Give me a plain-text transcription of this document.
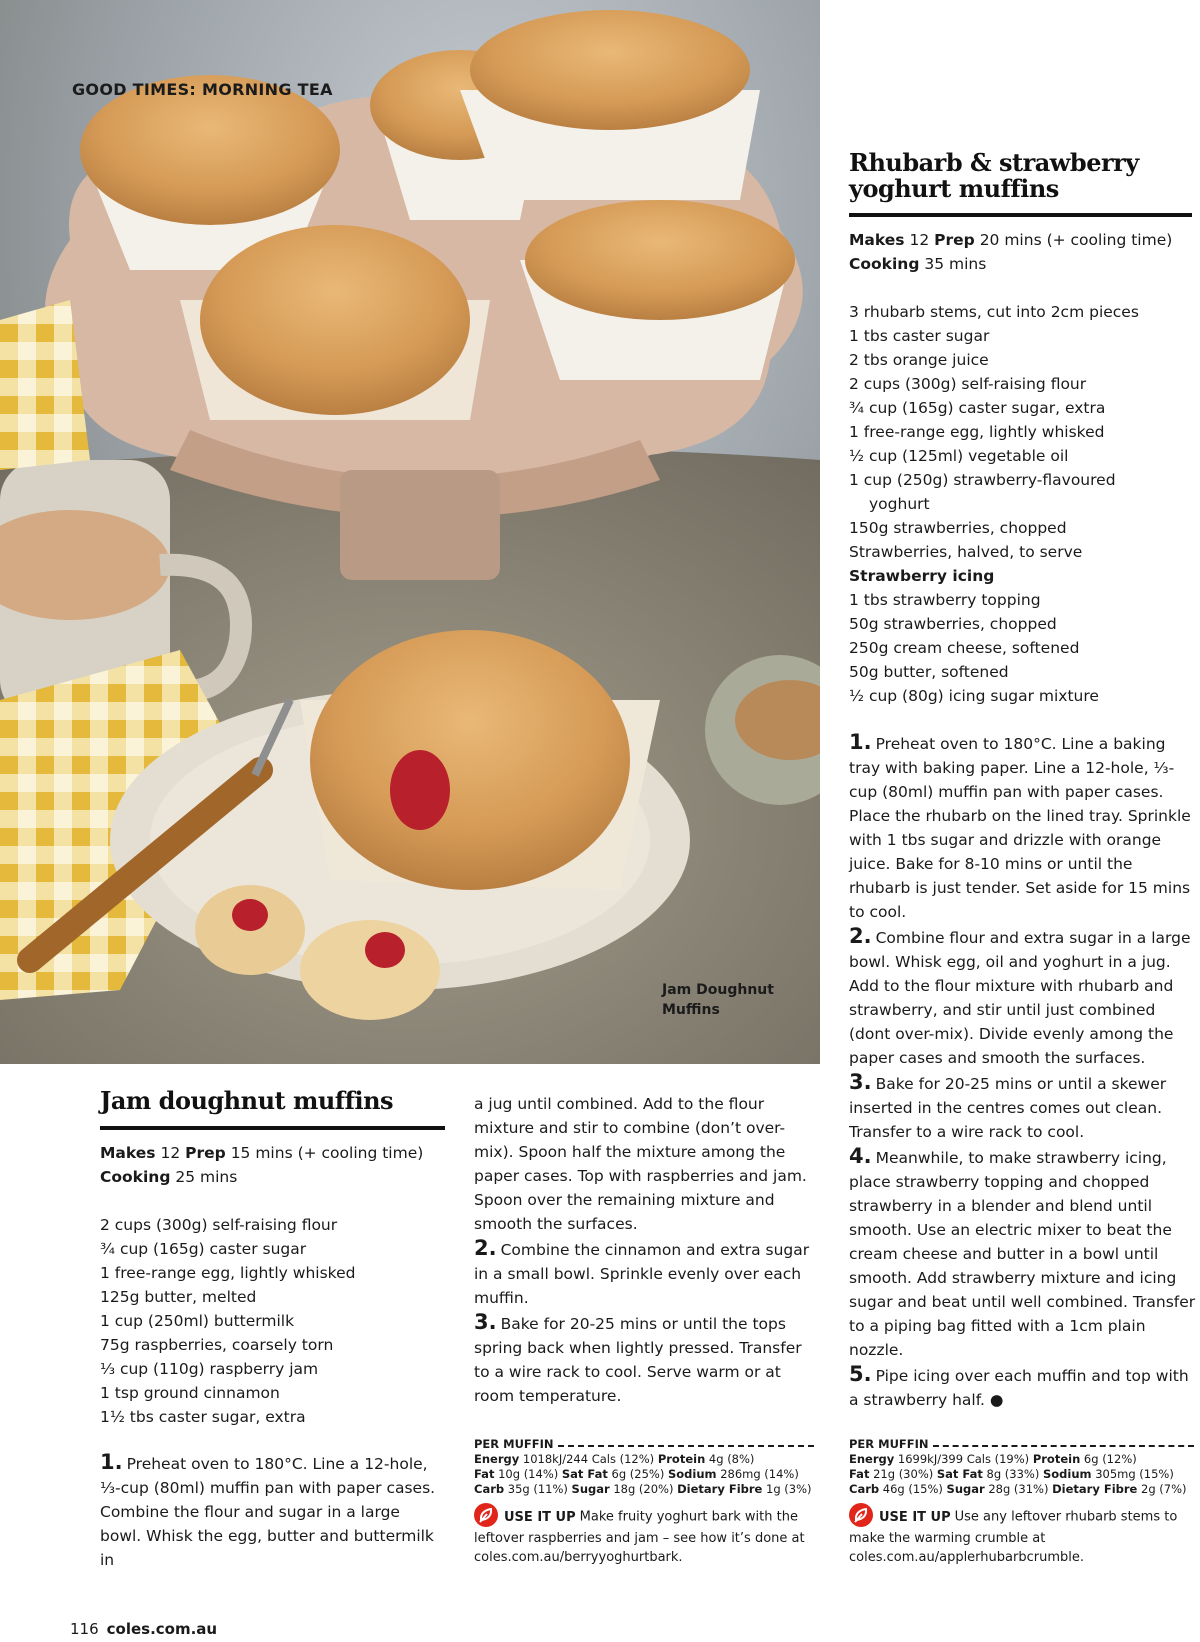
GOOD TIMES: MORNING TEA
Jam Doughnut
Muffins
Rhubarb & strawberry
yoghurt muffins
Makes 12 Prep 20 mins (+ cooling time)
Cooking 35 mins
3 rhubarb stems, cut into 2cm pieces
1 tbs caster sugar
2 tbs orange juice
2 cups (300g) self-raising flour
¾ cup (165g) caster sugar, extra
1 free-range egg, lightly whisked
½ cup (125ml) vegetable oil
1 cup (250g) strawberry-flavoured
yoghurt
150g strawberries, chopped
Strawberries, halved, to serve
Strawberry icing
1 tbs strawberry topping
50g strawberries, chopped
250g cream cheese, softened
50g butter, softened
½ cup (80g) icing sugar mixture
1. Preheat oven to 180°C. Line a baking tray with baking paper. Line a 12-hole, ⅓-cup (80ml) muffin pan with paper cases. Place the rhubarb on the lined tray. Sprinkle with 1 tbs sugar and drizzle with orange juice. Bake for 8-10 mins or until the rhubarb is just tender. Set aside for 15 mins to cool.
2. Combine flour and extra sugar in a large bowl. Whisk egg, oil and yoghurt in a jug. Add to the flour mixture with rhubarb and strawberry, and stir until just combined (dont over-mix). Divide evenly among the paper cases and smooth the surfaces.
3. Bake for 20-25 mins or until a skewer inserted in the centres comes out clean. Transfer to a wire rack to cool.
4. Meanwhile, to make strawberry icing, place strawberry topping and chopped strawberry in a blender and blend until smooth. Use an electric mixer to beat the cream cheese and butter in a bowl until smooth. Add strawberry mixture and icing sugar and beat until well combined. Transfer to a piping bag fitted with a 1cm plain nozzle.
5. Pipe icing over each muffin and top with a strawberry half. ●
PER MUFFIN
Energy 1699kJ/399 Cals (19%) Protein 6g (12%)
Fat 21g (30%) Sat Fat 8g (33%) Sodium 305mg (15%)
Carb 46g (15%) Sugar 28g (31%) Dietary Fibre 2g (7%)
USE IT UP Use any leftover rhubarb stems to make the warming crumble at coles.com.au/applerhubarbcrumble.
Jam doughnut muffins
Makes 12 Prep 15 mins (+ cooling time)
Cooking 25 mins
2 cups (300g) self-raising flour
¾ cup (165g) caster sugar
1 free-range egg, lightly whisked
125g butter, melted
1 cup (250ml) buttermilk
75g raspberries, coarsely torn
⅓ cup (110g) raspberry jam
1 tsp ground cinnamon
1½ tbs caster sugar, extra
1. Preheat oven to 180°C. Line a 12-hole, ⅓-cup (80ml) muffin pan with paper cases. Combine the flour and sugar in a large bowl. Whisk the egg, butter and buttermilk in
a jug until combined. Add to the flour mixture and stir to combine (don’t over-mix). Spoon half the mixture among the paper cases. Top with raspberries and jam. Spoon over the remaining mixture and smooth the surfaces.
2. Combine the cinnamon and extra sugar in a small bowl. Sprinkle evenly over each muffin.
3. Bake for 20-25 mins or until the tops spring back when lightly pressed. Transfer to a wire rack to cool. Serve warm or at room temperature.
PER MUFFIN
Energy 1018kJ/244 Cals (12%) Protein 4g (8%)
Fat 10g (14%) Sat Fat 6g (25%) Sodium 286mg (14%)
Carb 35g (11%) Sugar 18g (20%) Dietary Fibre 1g (3%)
USE IT UP Make fruity yoghurt bark with the leftover raspberries and jam – see how it’s done at coles.com.au/berryyoghurtbark.
116 coles.com.au
